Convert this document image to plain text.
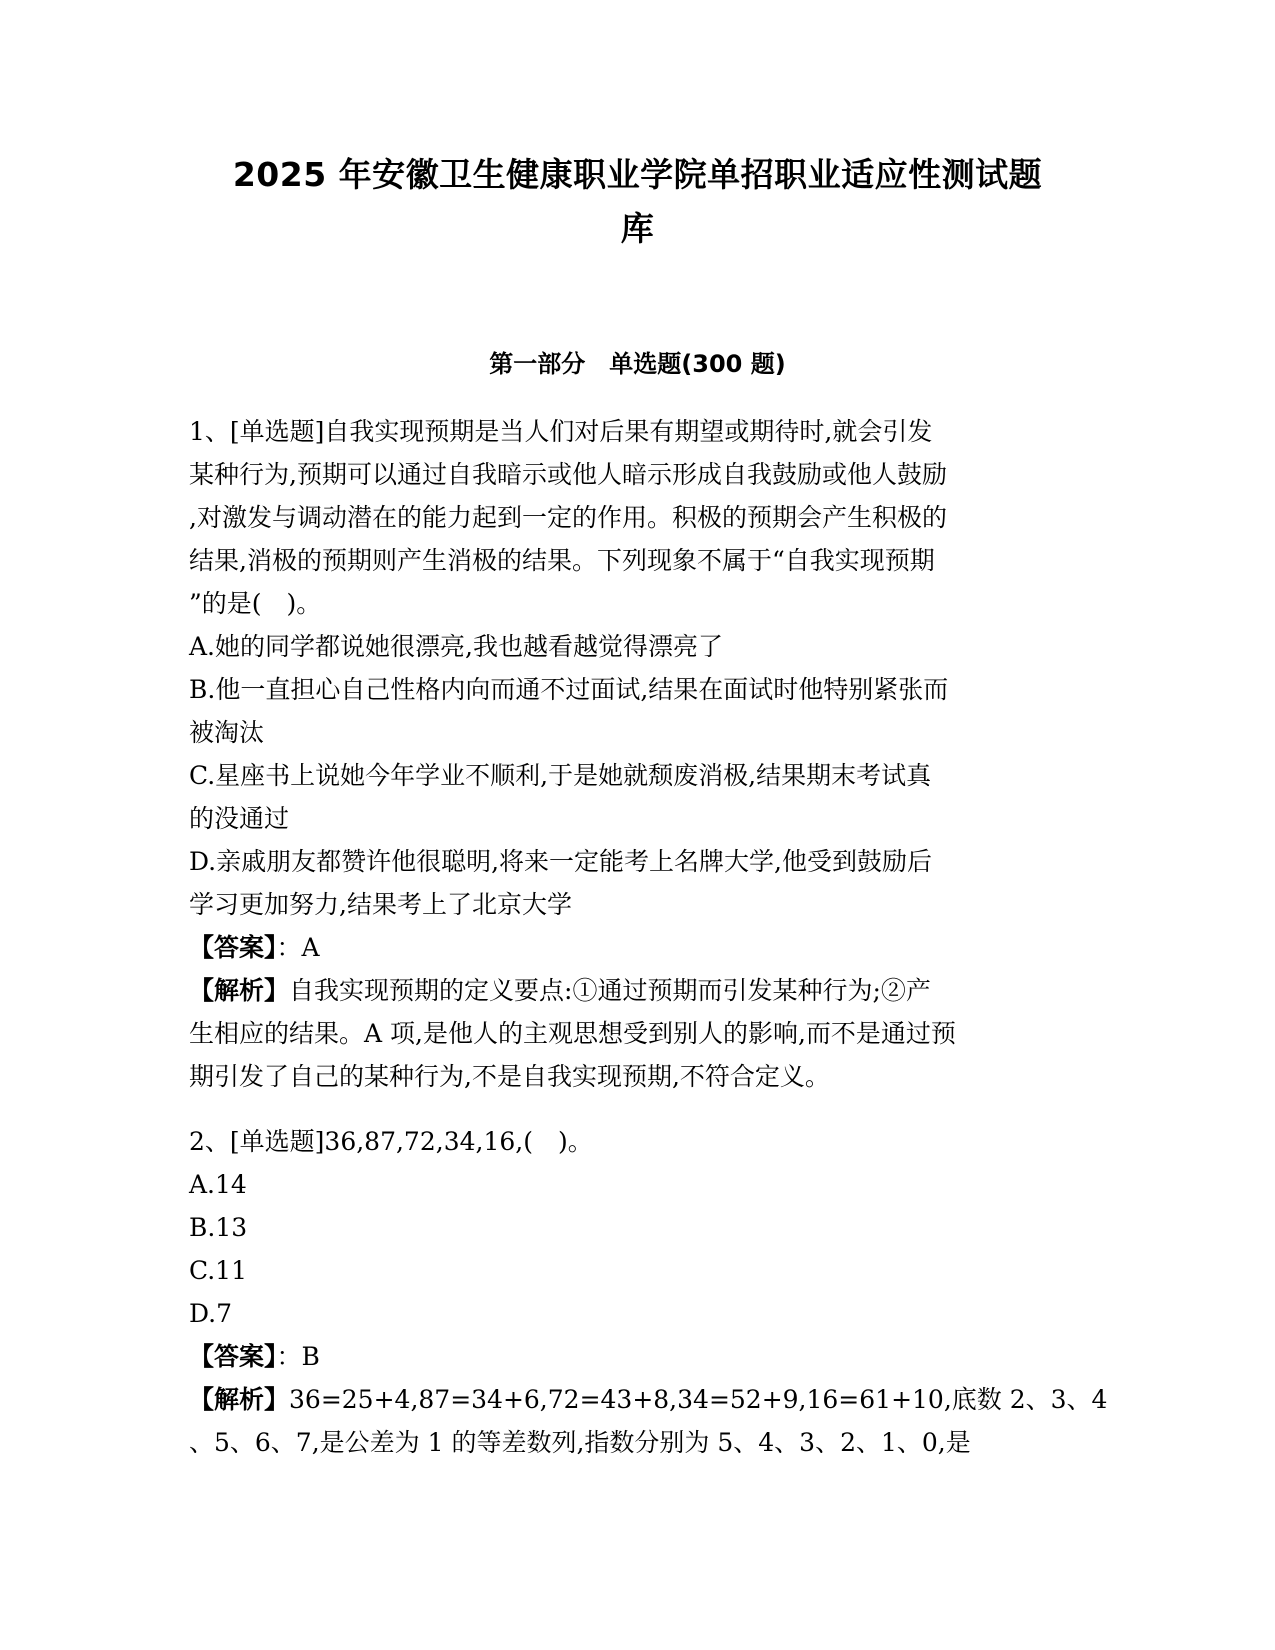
2025 年安徽卫生健康职业学院单招职业适应性测试题
库
第一部分　单选题(300 题)
1、[单选题]自我实现预期是当人们对后果有期望或期待时,就会引发
某种行为,预期可以通过自我暗示或他人暗示形成自我鼓励或他人鼓励
,对激发与调动潜在的能力起到一定的作用。积极的预期会产生积极的
结果,消极的预期则产生消极的结果。下列现象不属于“自我实现预期
”的是(　)。
A.她的同学都说她很漂亮,我也越看越觉得漂亮了
B.他一直担心自己性格内向而通不过面试,结果在面试时他特别紧张而
被淘汰
C.星座书上说她今年学业不顺利,于是她就颓废消极,结果期末考试真
的没通过
D.亲戚朋友都赞许他很聪明,将来一定能考上名牌大学,他受到鼓励后
学习更加努力,结果考上了北京大学
【答案】：A
【解析】自我实现预期的定义要点:①通过预期而引发某种行为;②产
生相应的结果。A 项,是他人的主观思想受到别人的影响,而不是通过预
期引发了自己的某种行为,不是自我实现预期,不符合定义。
2、[单选题]36,87,72,34,16,(　)。
A.14
B.13
C.11
D.7
【答案】：B
【解析】36=25+4,87=34+6,72=43+8,34=52+9,16=61+10,底数 2、3、4
、5、6、7,是公差为 1 的等差数列,指数分别为 5、4、3、2、1、0,是
